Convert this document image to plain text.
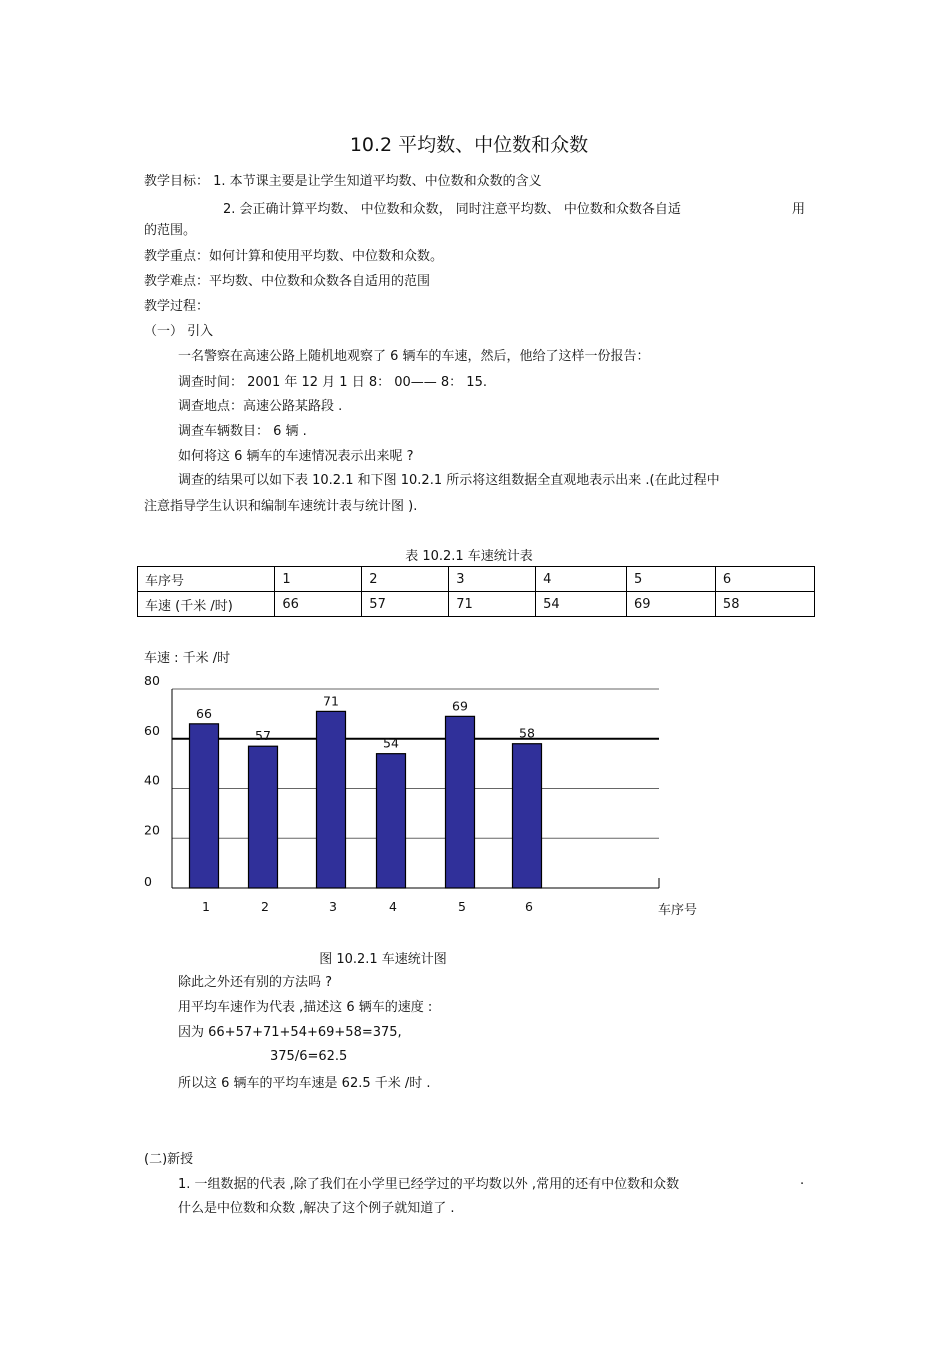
10.2 平均数、中位数和众数
教学目标： 1. 本节课主要是让学生知道平均数、中位数和众数的含义
2. 会正确计算平均数、 中位数和众数， 同时注意平均数、 中位数和众数各自适	用
的范围。
教学重点：如何计算和使用平均数、中位数和众数。
教学难点：平均数、中位数和众数各自适用的范围
教学过程：
（一） 引入
一名警察在高速公路上随机地观察了 6 辆车的车速，然后，他给了这样一份报告：
调查时间： 2001 年 12 月 1 日 8： 00—— 8： 15.
调查地点：高速公路某路段 .
调查车辆数目： 6 辆 .
如何将这 6 辆车的车速情况表示出来呢 ?
调查的结果可以如下表 10.2.1 和下图 10.2.1 所示将这组数据全直观地表示出来 .(在此过程中
注意指导学生认识和编制车速统计表与统计图 ).
表 10.2.1 车速统计表
车序号	1	2	3	4	5	6
车速 (千米 /时)	66	57	71	54	69	58
车速 : 千米 /时
车序号
0
20
40
60
80
66
1
57
2
71
3
54
4
69
5
58
6
图 10.2.1 车速统计图
除此之外还有别的方法吗 ?
用平均车速作为代表 ,描述这 6 辆车的速度 :
因为 66+57+71+54+69+58=375,
375/6=62.5
所以这 6 辆车的平均车速是 62.5 千米 /时 .
(二)新授
1. 一组数据的代表 ,除了我们在小学里已经学过的平均数以外 ,常用的还有中位数和众数	.
什么是中位数和众数 ,解决了这个例子就知道了 .
